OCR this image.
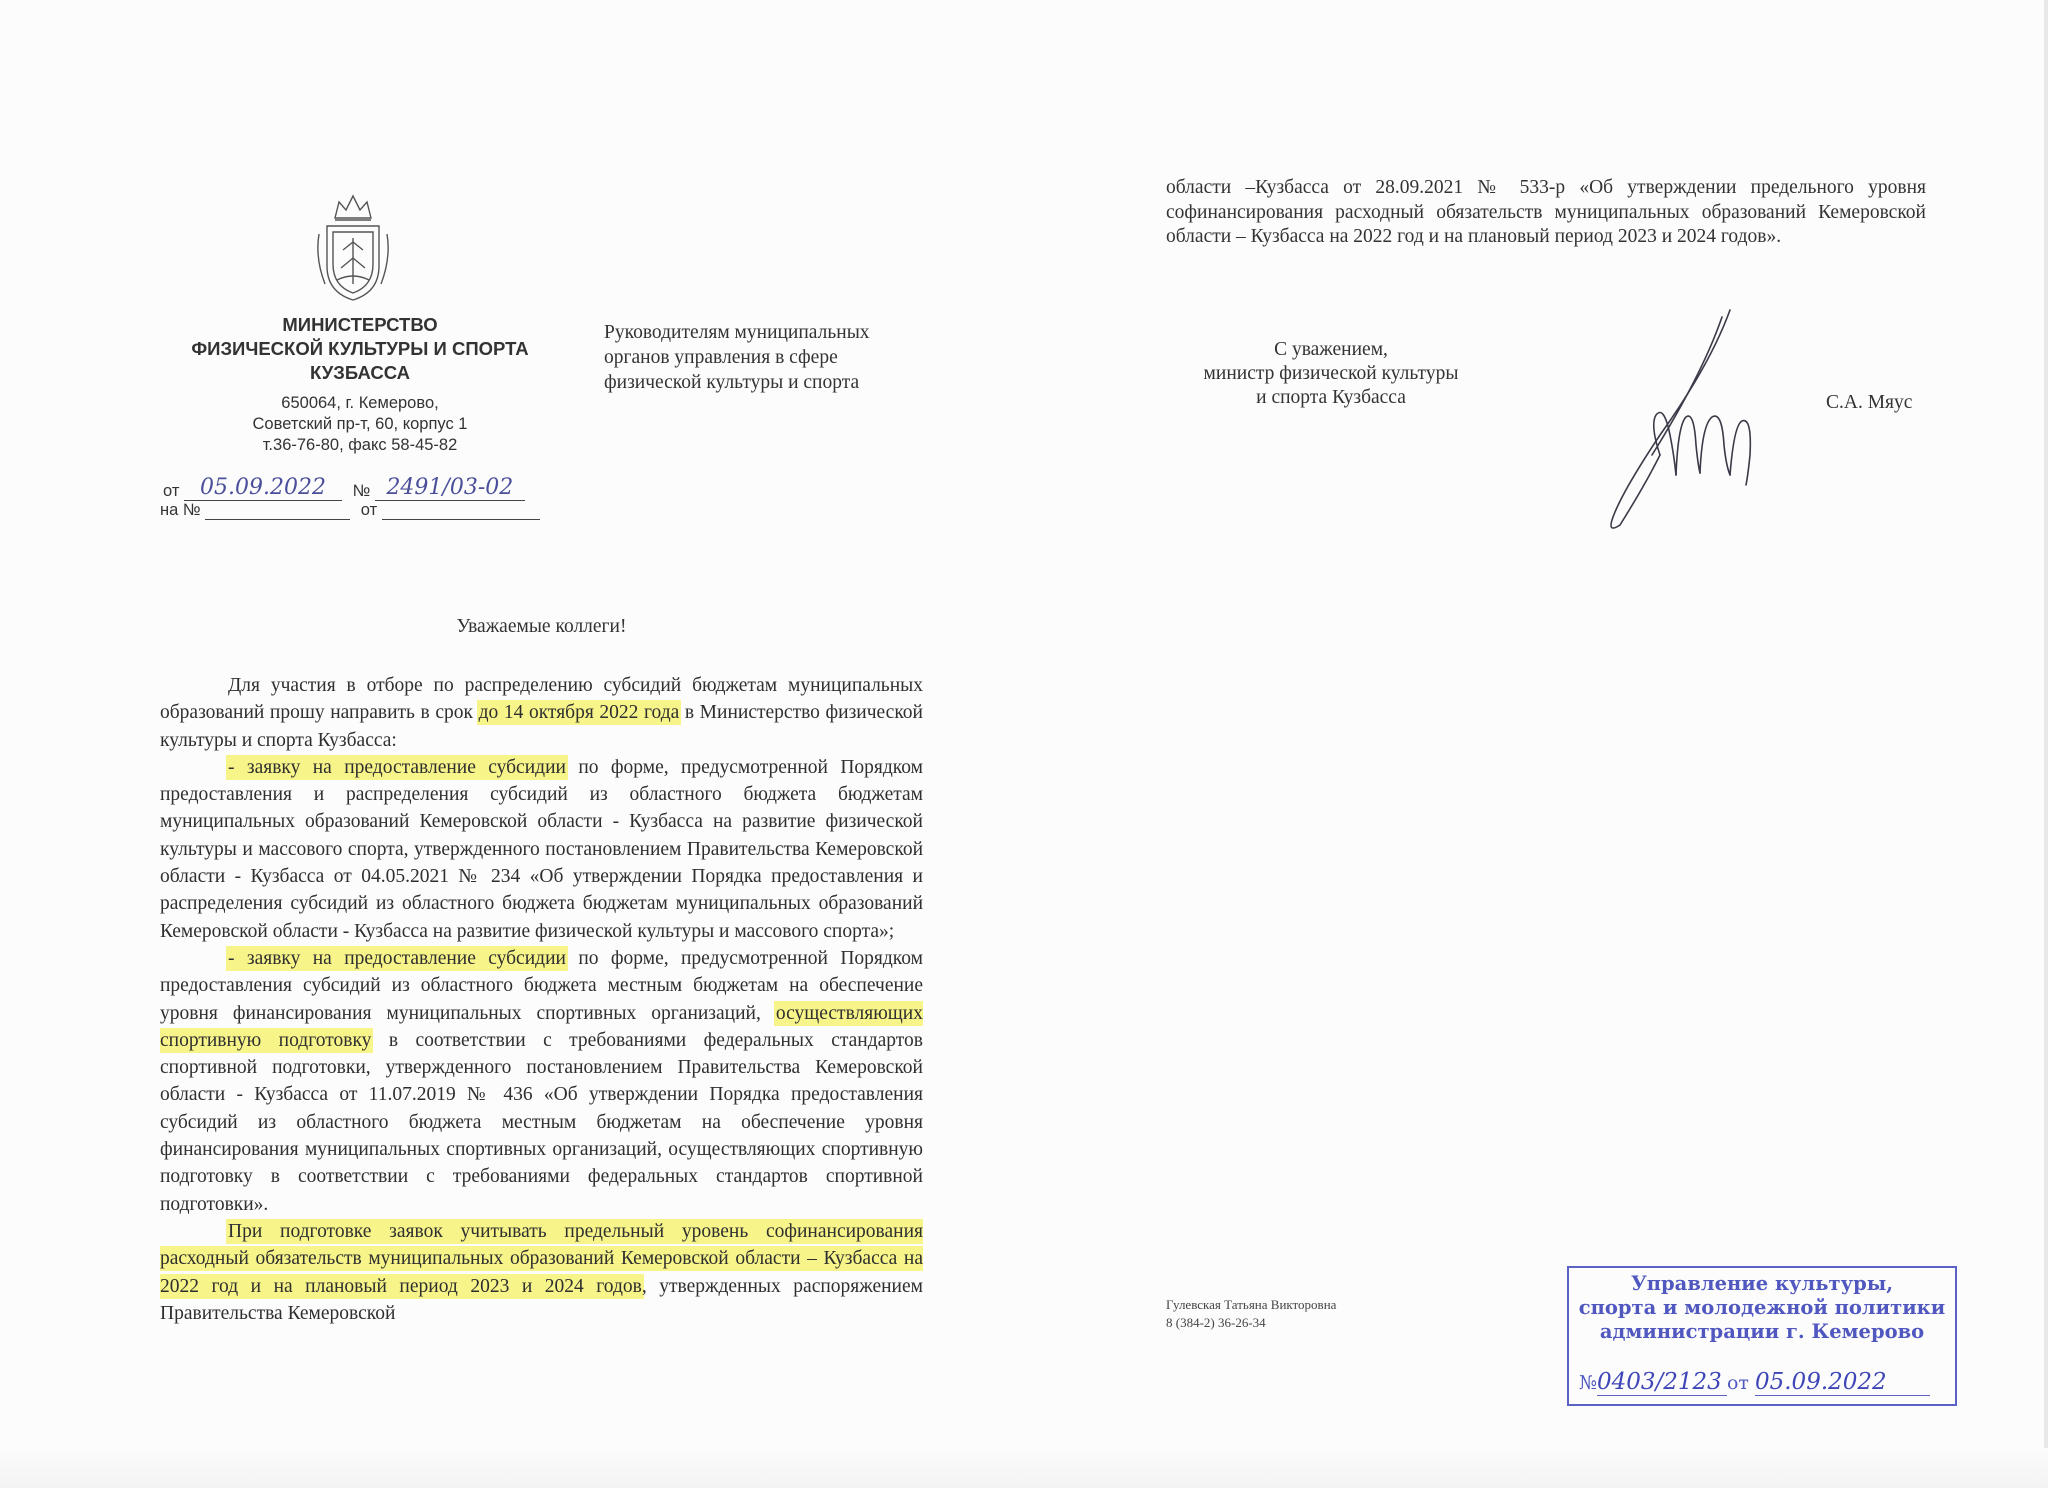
МИНИСТЕРСТВО
ФИЗИЧЕСКОЙ КУЛЬТУРЫ И СПОРТА
КУЗБАССА
650064, г. Кемерово,
Советский пр-т, 60, корпус 1
т.36-76-80, факс 58-45-82
от 05.09.2022 № 2491/03-02
на №	от
Руководителям муниципальных
органов управления в сфере
физической культуры и спорта
Уважаемые коллеги!

Для участия в отборе по распределению субсидий бюджетам муниципальных образований прошу направить в срок до 14 октября 2022 года в Министерство физической культуры и спорта Кузбасса:

- заявку на предоставление субсидии по форме, предусмотренной Порядком предоставления и распределения субсидий из областного бюджета бюджетам муниципальных образований Кемеровской области - Кузбасса на развитие физической культуры и массового спорта, утвержденного постановлением Правительства Кемеровской области - Кузбасса от 04.05.2021 № 234 «Об утверждении Порядка предоставления и распределения субсидий из областного бюджета бюджетам муниципальных образований Кемеровской области - Кузбасса на развитие физической культуры и массового спорта»;

- заявку на предоставление субсидии по форме, предусмотренной Порядком предоставления субсидий из областного бюджета местным бюджетам на обеспечение уровня финансирования муниципальных спортивных организаций, осуществляющих спортивную подготовку в соответствии с требованиями федеральных стандартов спортивной подготовки, утвержденного постановлением Правительства Кемеровской области - Кузбасса от 11.07.2019 № 436 «Об утверждении Порядка предоставления субсидий из областного бюджета местным бюджетам на обеспечение уровня финансирования муниципальных спортивных организаций, осуществляющих спортивную подготовку в соответствии с требованиями федеральных стандартов спортивной подготовки».

При подготовке заявок учитывать предельный уровень софинансирования расходный обязательств муниципальных образований Кемеровской области – Кузбасса на 2022 год и на плановый период 2023 и 2024 годов, утвержденных распоряжением Правительства Кемеровской

области –Кузбасса от 28.09.2021 № 533-р «Об утверждении предельного уровня софинансирования расходный обязательств муниципальных образований Кемеровской области – Кузбасса на 2022 год и на плановый период 2023 и 2024 годов».
С уважением,
министр физической культуры
и спорта Кузбасса	С.А. Мяус
Гулевская Татьяна Викторовна
8 (384-2) 36-26-34
Управление культуры,
спорта и молодежной политики
администрации г. Кемерово
№0403/2123 от 05.09.2022
